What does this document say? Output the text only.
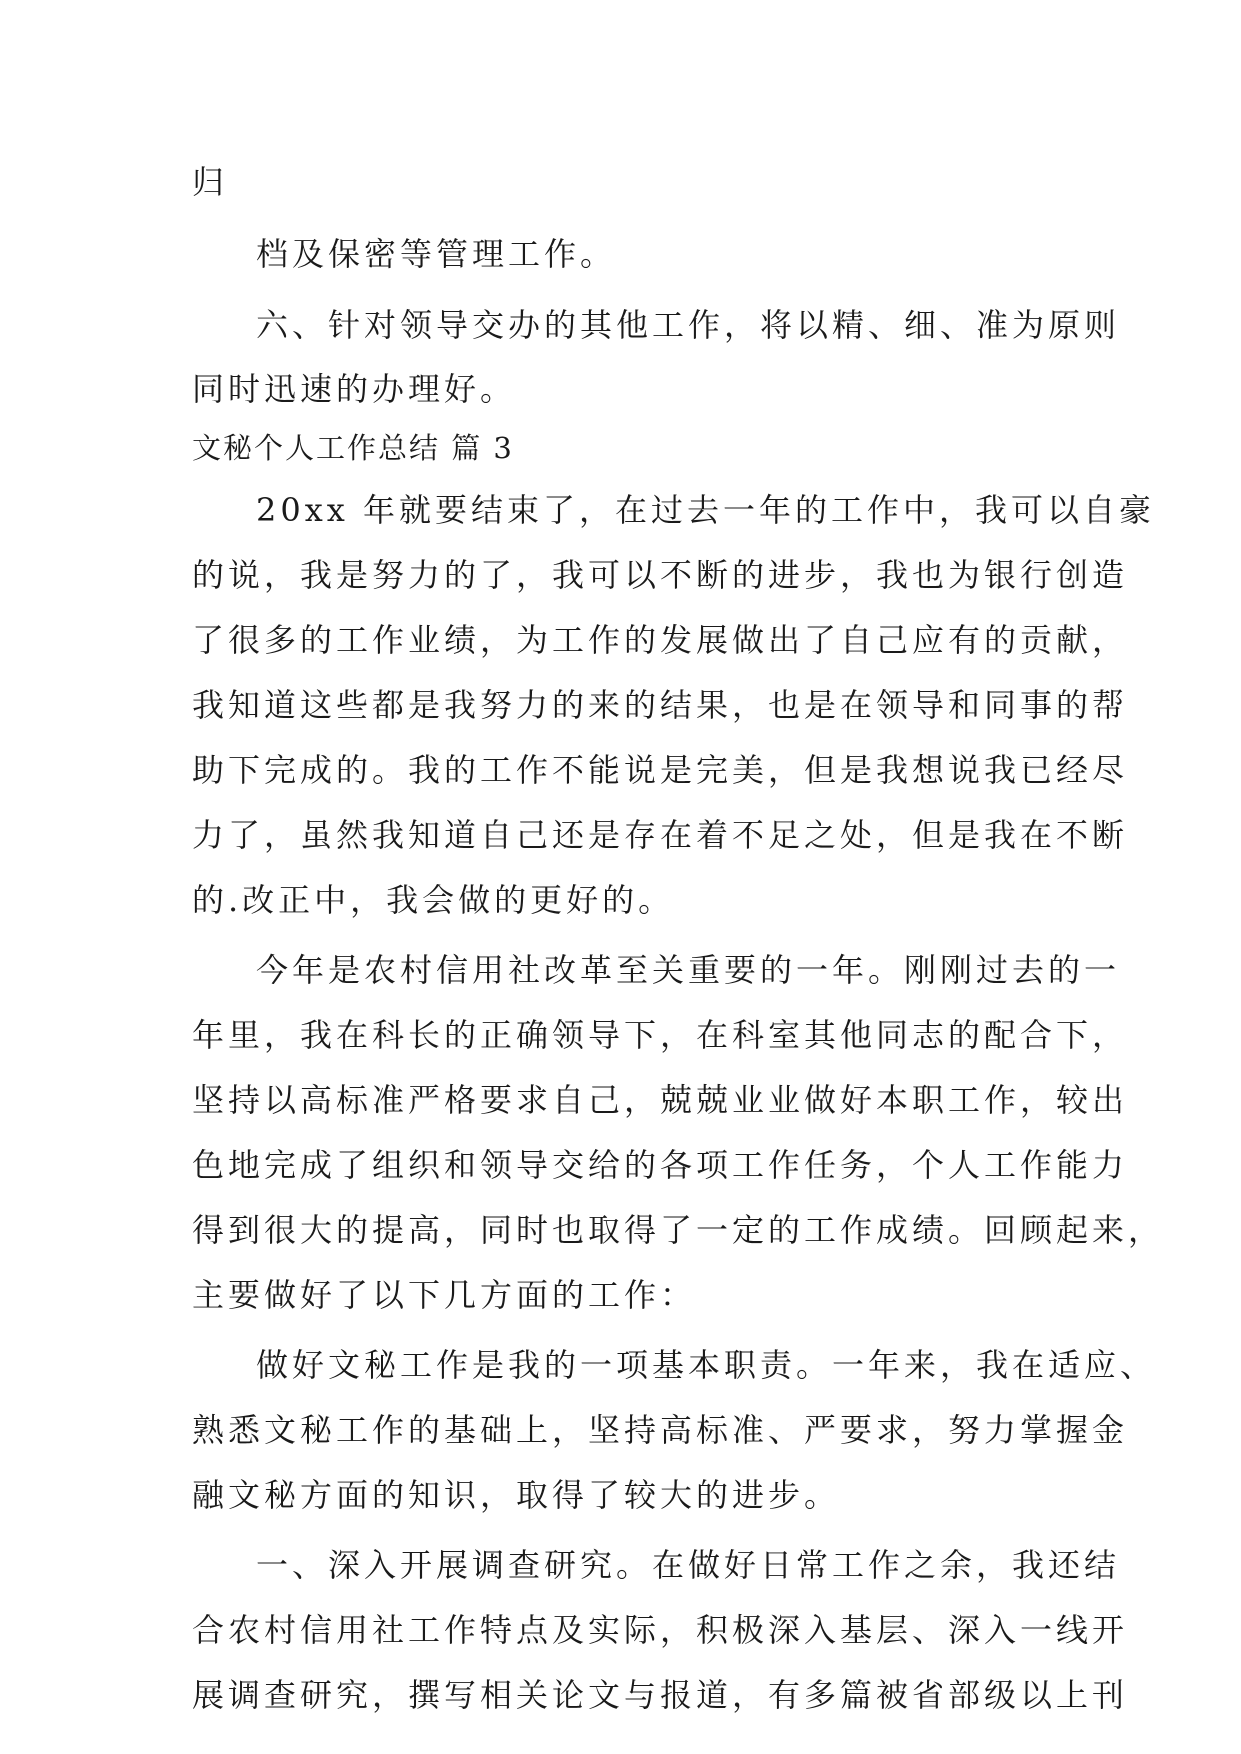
归
档及保密等管理工作。
六、针对领导交办的其他工作，将以精、细、准为原则
同时迅速的办理好。
文秘个人工作总结 篇 3
20xx 年就要结束了，在过去一年的工作中，我可以自豪
的说，我是努力的了，我可以不断的进步，我也为银行创造
了很多的工作业绩，为工作的发展做出了自己应有的贡献，
我知道这些都是我努力的来的结果，也是在领导和同事的帮
助下完成的。我的工作不能说是完美，但是我想说我已经尽
力了，虽然我知道自己还是存在着不足之处，但是我在不断
的.改正中，我会做的更好的。
今年是农村信用社改革至关重要的一年。刚刚过去的一
年里，我在科长的正确领导下，在科室其他同志的配合下，
坚持以高标准严格要求自己，兢兢业业做好本职工作，较出
色地完成了组织和领导交给的各项工作任务，个人工作能力
得到很大的提高，同时也取得了一定的工作成绩。回顾起来，
主要做好了以下几方面的工作：
做好文秘工作是我的一项基本职责。一年来，我在适应、
熟悉文秘工作的基础上，坚持高标准、严要求，努力掌握金
融文秘方面的知识，取得了较大的进步。
一、深入开展调查研究。在做好日常工作之余，我还结
合农村信用社工作特点及实际，积极深入基层、深入一线开
展调查研究，撰写相关论文与报道，有多篇被省部级以上刊
